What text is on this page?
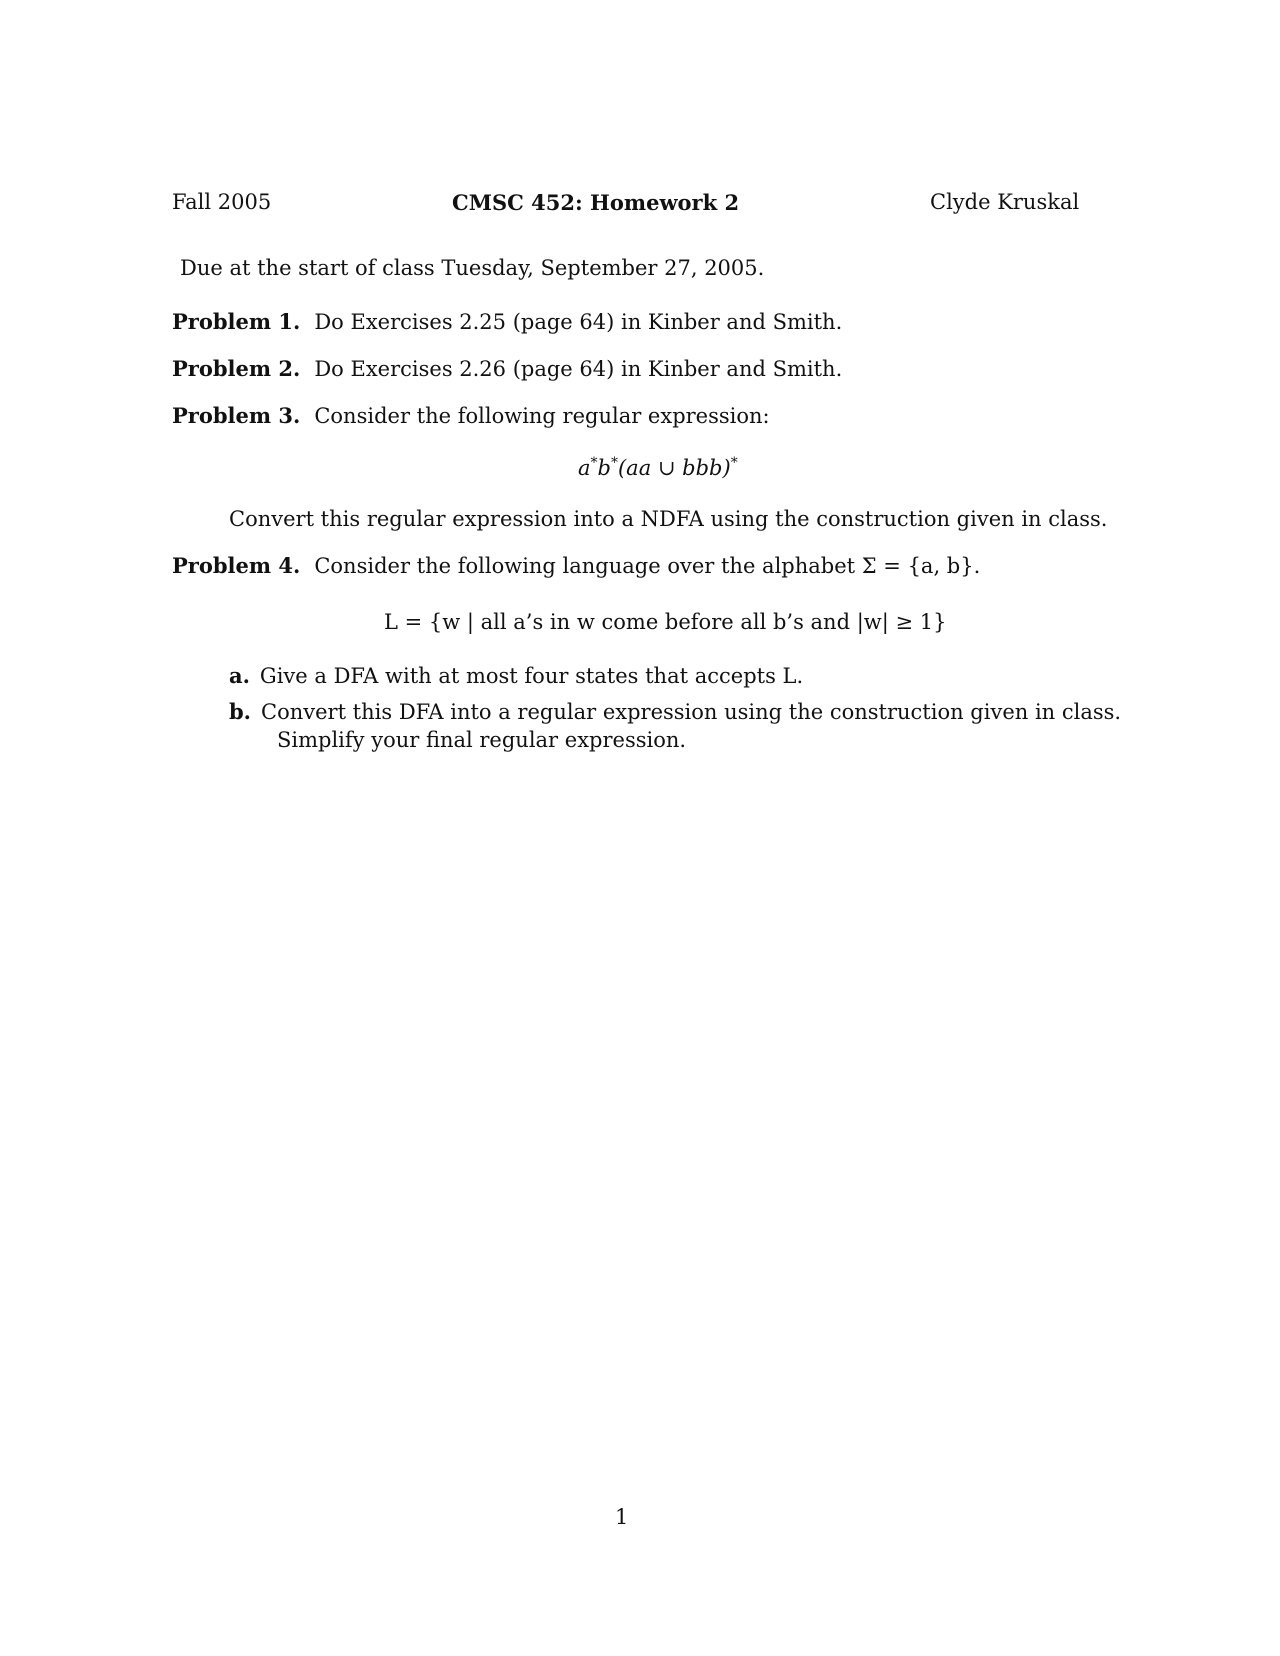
Fall 2005	CMSC 452: Homework 2	Clyde Kruskal
Due at the start of class Tuesday, September 27, 2005.
Problem 1. Do Exercises 2.25 (page 64) in Kinber and Smith.
Problem 2. Do Exercises 2.26 (page 64) in Kinber and Smith.
Problem 3. Consider the following regular expression:
a*b*(aa ∪ bbb)*
Convert this regular expression into a NDFA using the construction given in class.
Problem 4. Consider the following language over the alphabet Σ = {a, b}.
L = {w | all a’s in w come before all b’s and |w| ≥ 1}
a. Give a DFA with at most four states that accepts L.
b. Convert this DFA into a regular expression using the construction given in class.
Simplify your final regular expression.
1
